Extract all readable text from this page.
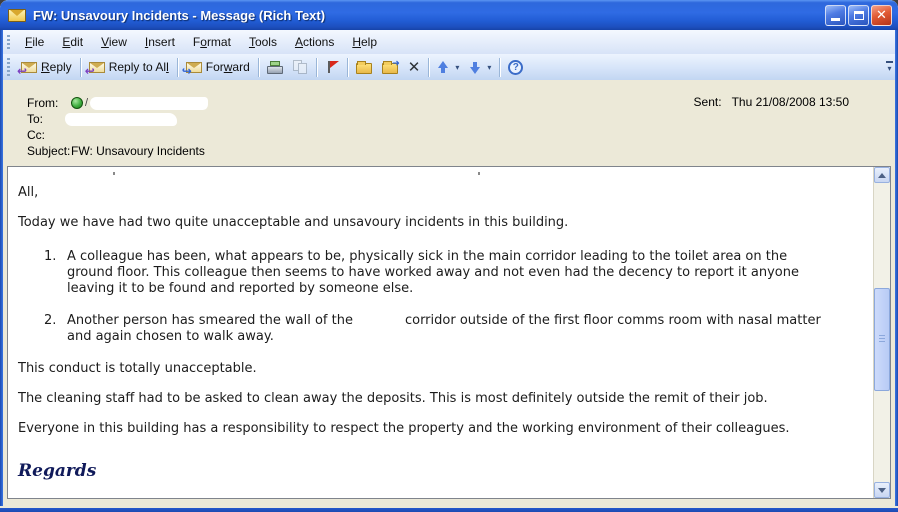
FW: Unsavoury Incidents - Message (Rich Text)	✕
File	Edit	View	Insert	Format	Tools	Actions	Help
↩ Reply ↩ Reply to All ↪ Forward	➜ ✕	▾	▾	?	▾
From:	/
To:
Cc:
Subject: FW: Unsavoury Incidents
Sent: Thu 21/08/2008 13:50
All,
Today we have had two quite unacceptable and unsavoury incidents in this building.
1. A colleague has been, what appears to be, physically sick in the main corridor leading to the toilet area on the
ground floor. This colleague then seems to have worked away and not even had the decency to report it anyone
leaving it to be found and reported by someone else.
2. Another person has smeared the wall of the	corridor outside of the first floor comms room with nasal matter
and again chosen to walk away.
This conduct is totally unacceptable.
The cleaning staff had to be asked to clean away the deposits. This is most definitely outside the remit of their job.
Everyone in this building has a responsibility to respect the property and the working environment of their colleagues.
Regards
